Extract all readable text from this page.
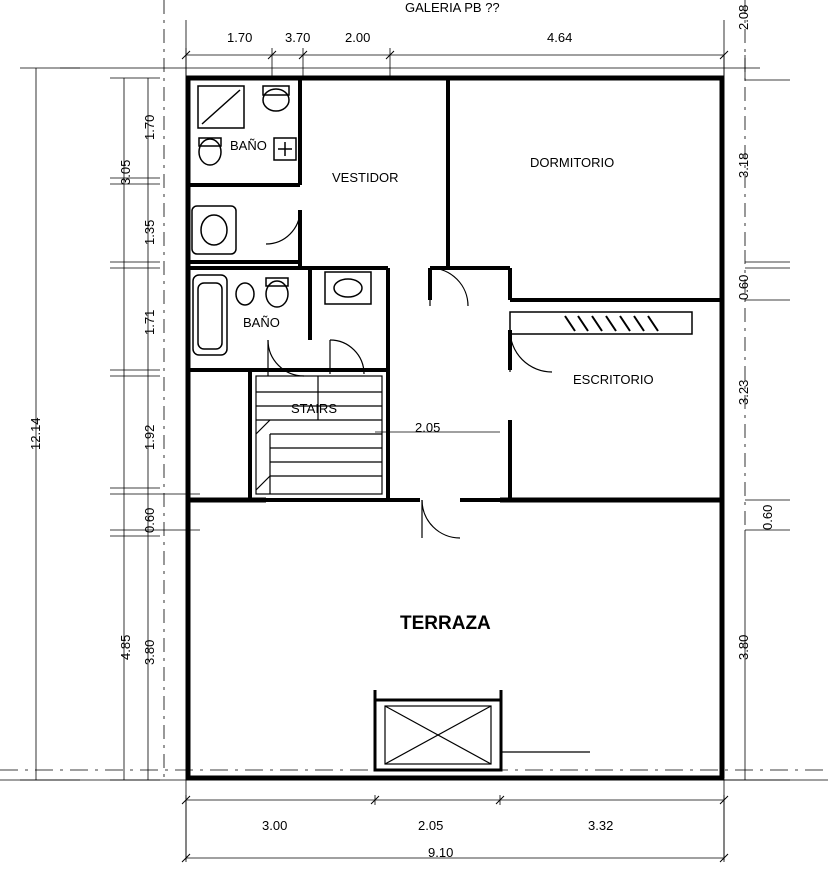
GALERIA PB ??
VESTIDOR
DORMITORIO
BAÑO
BAÑO
ESCRITORIO
STAIRS
TERRAZA
1.70	3.70	2.00	4.64
3.00	2.05	3.32
9.10
2.05
1.70
3.05
1.35
1.71
1.92
0.60
4.85 3.80
12.14
2.08
3.18
0.60
3.23
0.60
3.80
